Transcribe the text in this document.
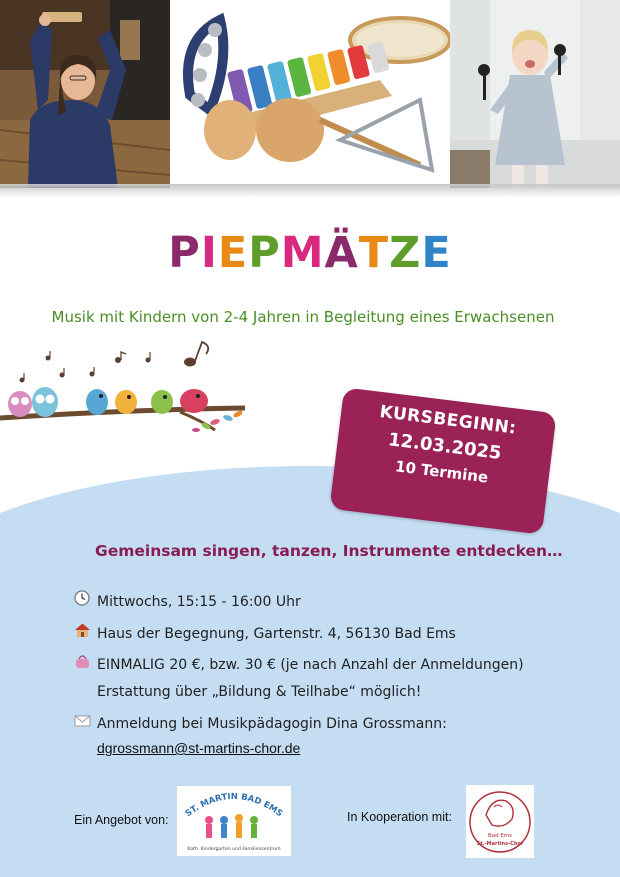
PIEPMÄTZE
Musik mit Kindern von 2-4 Jahren in Begleitung eines Erwachsenen
KURSBEGINN:
12.03.2025
10 Termine
Gemeinsam singen, tanzen, Instrumente entdecken…
Mittwochs, 15:15 - 16:00 Uhr
Haus der Begegnung, Gartenstr. 4, 56130 Bad Ems
EINMALIG 20 €, bzw. 30 € (je nach Anzahl der Anmeldungen)
Erstattung über „Bildung & Teilhabe“ möglich!
Anmeldung bei Musikpädagogin Dina Grossmann:
dgrossmann@st-martins-chor.de
Ein Angebot von: ST. MARTIN BAD EMS
Kath. Kindergarten und Familienzentrum
In Kooperation mit:
Bad Ems
St.-Martins-Chor
